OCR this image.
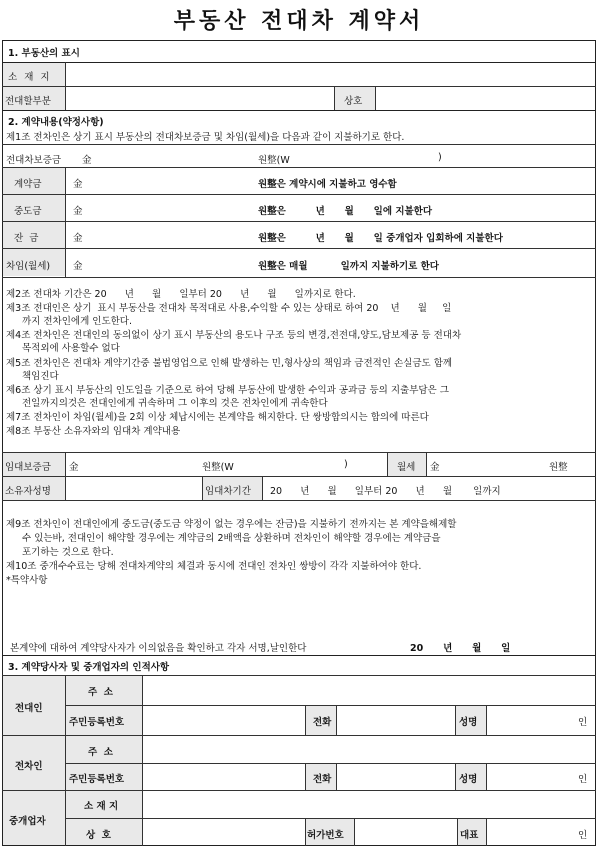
부동산 전대차 계약서
1. 부동산의 표시
소 재 지
전대할부분	상호
2. 계약내용(약정사항)
제1조 전차인은 상기 표시 부동산의 전대차보증금 및 차임(월세)을 다음과 같이 지불하기로 한다.
전대차보증금 金	원整(W	)
계약금	金	원整은 계약시에 지불하고 영수함
중도금	金	원整은         년      월      일에 지불한다
잔  금	金	원整은         년      월      일 중개업자 입회하에 지불한다
차임(월세) 金	원整은 매월          일까지 지불하기로 한다
제2조 전대차 기간은 20      년      월      일부터 20      년      월      일까지로 한다.
제3조 전대인은 상기  표시 부동산을 전대차 목적대로 사용,수익할 수 있는 상태로 하여 20    년      월     일
까지 전차인에게 인도한다.
제4조 전차인은 전대인의 동의없이 상기 표시 부동산의 용도나 구조 등의 변경,전전대,양도,담보제공 등 전대차
목적외에 사용할수 없다
제5조 전차인은 전대차 계약기간중 불법영업으로 인해 발생하는 민,형사상의 책임과 금전적인 손실금도 함께
책임진다
제6조 상기 표시 부동산의 인도일을 기준으로 하여 당해 부동산에 발생한 수익과 공과금 등의 지출부담은 그
전일까지의것은 전대인에게 귀속하며 그 이후의 것은 전차인에게 귀속한다
제7조 전차인이 차임(월세)을 2회 이상 체납시에는 본계약을 해지한다. 단 쌍방합의시는 합의에 따른다
제8조 부동산 소유자와의 임대차 계약내용
임대보증금 金	원整(W	)	월세 金	원整
소유자성명	임대차기간 20      년      월      일부터 20      년      월       일까지
제9조 전차인이 전대인에게 중도금(중도금 약정이 없는 경우에는 잔금)을 지불하기 전까지는 본 계약을해제할
수 있는바, 전대인이 해약할 경우에는 계약금의 2배액을 상환하며 전차인이 해약할 경우에는 계약금을
포기하는 것으로 한다.
제10조 중개수수료는 당해 전대차계약의 체결과 동시에 전대인 전차인 쌍방이 각각 지불하여야 한다.
*특약사항
본계약에 대하여 계약당사자가 이의없음을 확인하고 각자 서명,날인한다	20      년      월      일
3. 계약당사자 및 중개업자의 인적사항
전대인
주  소
주민등록번호	전화	성명	인
전차인
주  소
주민등록번호	전화	성명	인
중개업자
소 재 지
상  호	허가번호	대표	인
